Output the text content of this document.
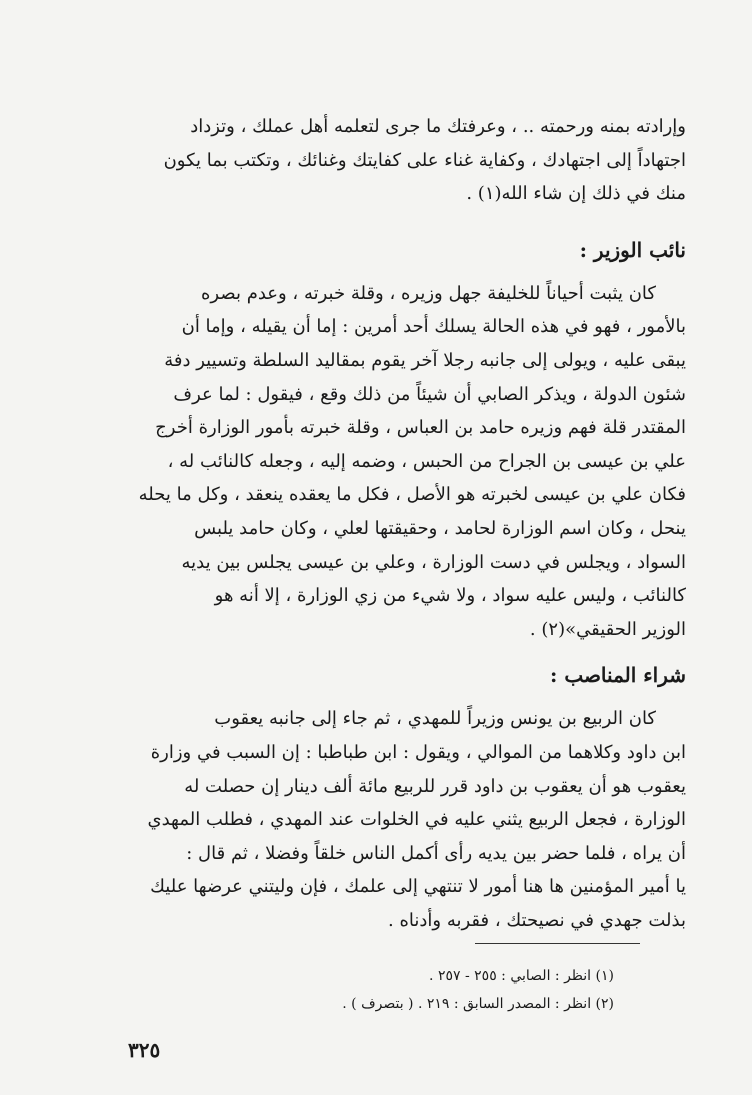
وإرادته بمنه ورحمته .. ، وعرفتك ما جرى لتعلمه أهل عملك ، وتزداد

اجتهاداً إلى اجتهادك ، وكفاية غناء على كفايتك وغنائك ، وتكتب بما يكون

منك في ذلك إن شاء الله(١) .

نائب الوزير :

كان يثبت أحياناً للخليفة جهل وزيره ، وقلة خبرته ، وعدم بصره

بالأمور ، فهو في هذه الحالة يسلك أحد أمرين : إما أن يقيله ، وإما أن

يبقى عليه ، ويولى إلى جانبه رجلا آخر يقوم بمقاليد السلطة وتسيير دفة

شئون الدولة ، ويذكر الصابي أن شيئاً من ذلك وقع ، فيقول : لما عرف

المقتدر قلة فهم وزيره حامد بن العباس ، وقلة خبرته بأمور الوزارة أخرج

علي بن عيسى بن الجراح من الحبس ، وضمه إليه ، وجعله كالنائب له ،

فكان علي بن عيسى لخبرته هو الأصل ، فكل ما يعقده ينعقد ، وكل ما يحله

ينحل ، وكان اسم الوزارة لحامد ، وحقيقتها لعلي ، وكان حامد يلبس

السواد ، ويجلس في دست الوزارة ، وعلي بن عيسى يجلس بين يديه

كالنائب ، وليس عليه سواد ، ولا شيء من زي الوزارة ، إلا أنه هو

الوزير الحقيقي»(٢) .

شراء المناصب :

كان الربيع بن يونس وزيراً للمهدي ، ثم جاء إلى جانبه يعقوب

ابن داود وكلاهما من الموالي ، ويقول : ابن طباطبا : إن السبب في وزارة

يعقوب هو أن يعقوب بن داود قرر للربيع مائة ألف دينار إن حصلت له

الوزارة ، فجعل الربيع يثني عليه في الخلوات عند المهدي ، فطلب المهدي

أن يراه ، فلما حضر بين يديه رأى أكمل الناس خلقاً وفضلا ، ثم قال :

يا أمير المؤمنين ها هنا أمور لا تنتهي إلى علمك ، فإن وليتني عرضها عليك

بذلت جهدي في نصيحتك ، فقربه وأدناه .

(١) انظر : الصابي : ٢٥٥ - ٢٥٧ .
(٢) انظر : المصدر السابق : ٢١٩ . ( بتصرف ) .
٣٢٥
